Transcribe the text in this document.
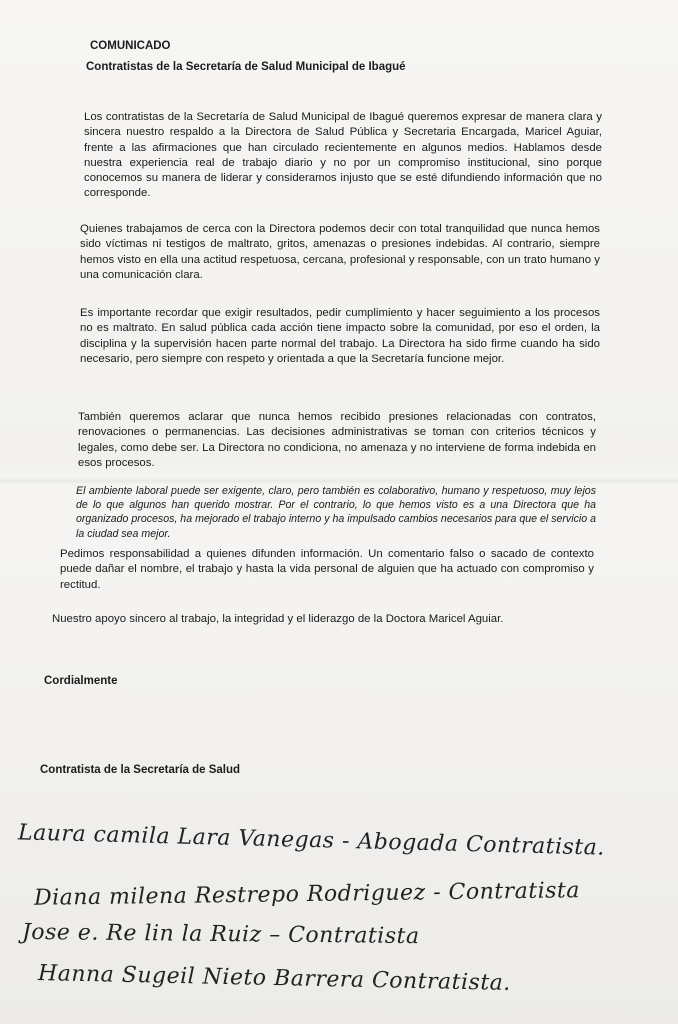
COMUNICADO
Contratistas de la Secretaría de Salud Municipal de Ibagué
Los contratistas de la Secretaría de Salud Municipal de Ibagué queremos expresar de manera clara y sincera nuestro respaldo a la Directora de Salud Pública y Secretaria Encargada, Maricel Aguiar, frente a las afirmaciones que han circulado recientemente en algunos medios. Hablamos desde nuestra experiencia real de trabajo diario y no por un compromiso institucional, sino porque conocemos su manera de liderar y consideramos injusto que se esté difundiendo información que no corresponde.
Quienes trabajamos de cerca con la Directora podemos decir con total tranquilidad que nunca hemos sido víctimas ni testigos de maltrato, gritos, amenazas o presiones indebidas. Al contrario, siempre hemos visto en ella una actitud respetuosa, cercana, profesional y responsable, con un trato humano y una comunicación clara.
Es importante recordar que exigir resultados, pedir cumplimiento y hacer seguimiento a los procesos no es maltrato. En salud pública cada acción tiene impacto sobre la comunidad, por eso el orden, la disciplina y la supervisión hacen parte normal del trabajo. La Directora ha sido firme cuando ha sido necesario, pero siempre con respeto y orientada a que la Secretaría funcione mejor.
También queremos aclarar que nunca hemos recibido presiones relacionadas con contratos, renovaciones o permanencias. Las decisiones administrativas se toman con criterios técnicos y legales, como debe ser. La Directora no condiciona, no amenaza y no interviene de forma indebida en esos procesos.
El ambiente laboral puede ser exigente, claro, pero también es colaborativo, humano y respetuoso, muy lejos de lo que algunos han querido mostrar. Por el contrario, lo que hemos visto es a una Directora que ha organizado procesos, ha mejorado el trabajo interno y ha impulsado cambios necesarios para que el servicio a la ciudad sea mejor.
Pedimos responsabilidad a quienes difunden información. Un comentario falso o sacado de contexto puede dañar el nombre, el trabajo y hasta la vida personal de alguien que ha actuado con compromiso y rectitud.
Nuestro apoyo sincero al trabajo, la integridad y el liderazgo de la Doctora Maricel Aguiar.
Cordialmente
Contratista de la Secretaría de Salud
Laura camila Lara Vanegas - Abogada Contratista.
Diana milena Restrepo Rodriguez - Contratista
Jose e. Re lin la Ruiz – Contratista
Hanna Sugeil Nieto Barrera Contratista.
